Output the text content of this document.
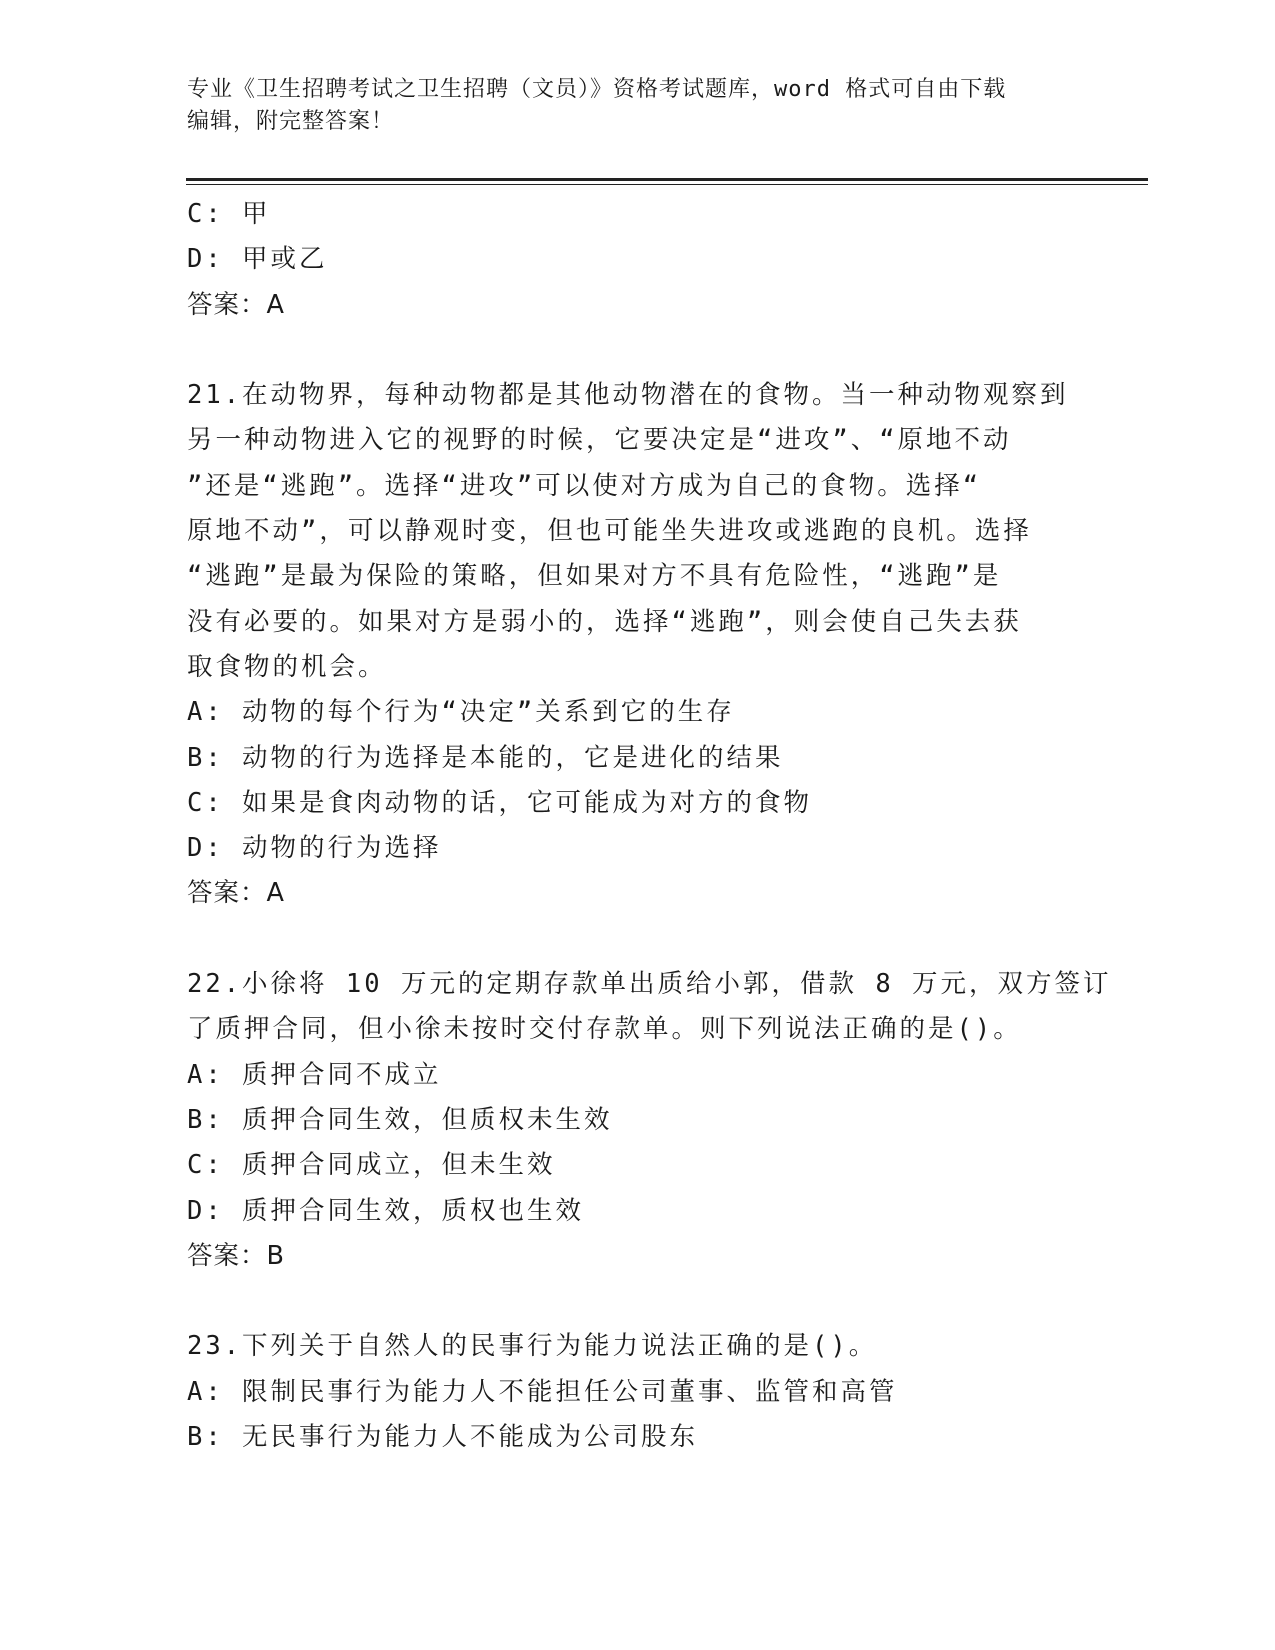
专业《卫生招聘考试之卫生招聘（文员）》资格考试题库，word 格式可自由下载
编辑，附完整答案！
C: 甲
D: 甲或乙
答案：A
21.在动物界，每种动物都是其他动物潜在的食物。当一种动物观察到
另一种动物进入它的视野的时候，它要决定是“进攻”、“原地不动
”还是“逃跑”。选择“进攻”可以使对方成为自己的食物。选择“
原地不动”，可以静观时变，但也可能坐失进攻或逃跑的良机。选择
“逃跑”是最为保险的策略，但如果对方不具有危险性，“逃跑”是
没有必要的。如果对方是弱小的，选择“逃跑”，则会使自己失去获
取食物的机会。
A: 动物的每个行为“决定”关系到它的生存
B: 动物的行为选择是本能的，它是进化的结果
C: 如果是食肉动物的话，它可能成为对方的食物
D: 动物的行为选择
答案：A
22.小徐将 10 万元的定期存款单出质给小郭，借款 8 万元，双方签订
了质押合同，但小徐未按时交付存款单。则下列说法正确的是()。
A: 质押合同不成立
B: 质押合同生效，但质权未生效
C: 质押合同成立，但未生效
D: 质押合同生效，质权也生效
答案：B
23.下列关于自然人的民事行为能力说法正确的是()。
A: 限制民事行为能力人不能担任公司董事、监管和高管
B: 无民事行为能力人不能成为公司股东
